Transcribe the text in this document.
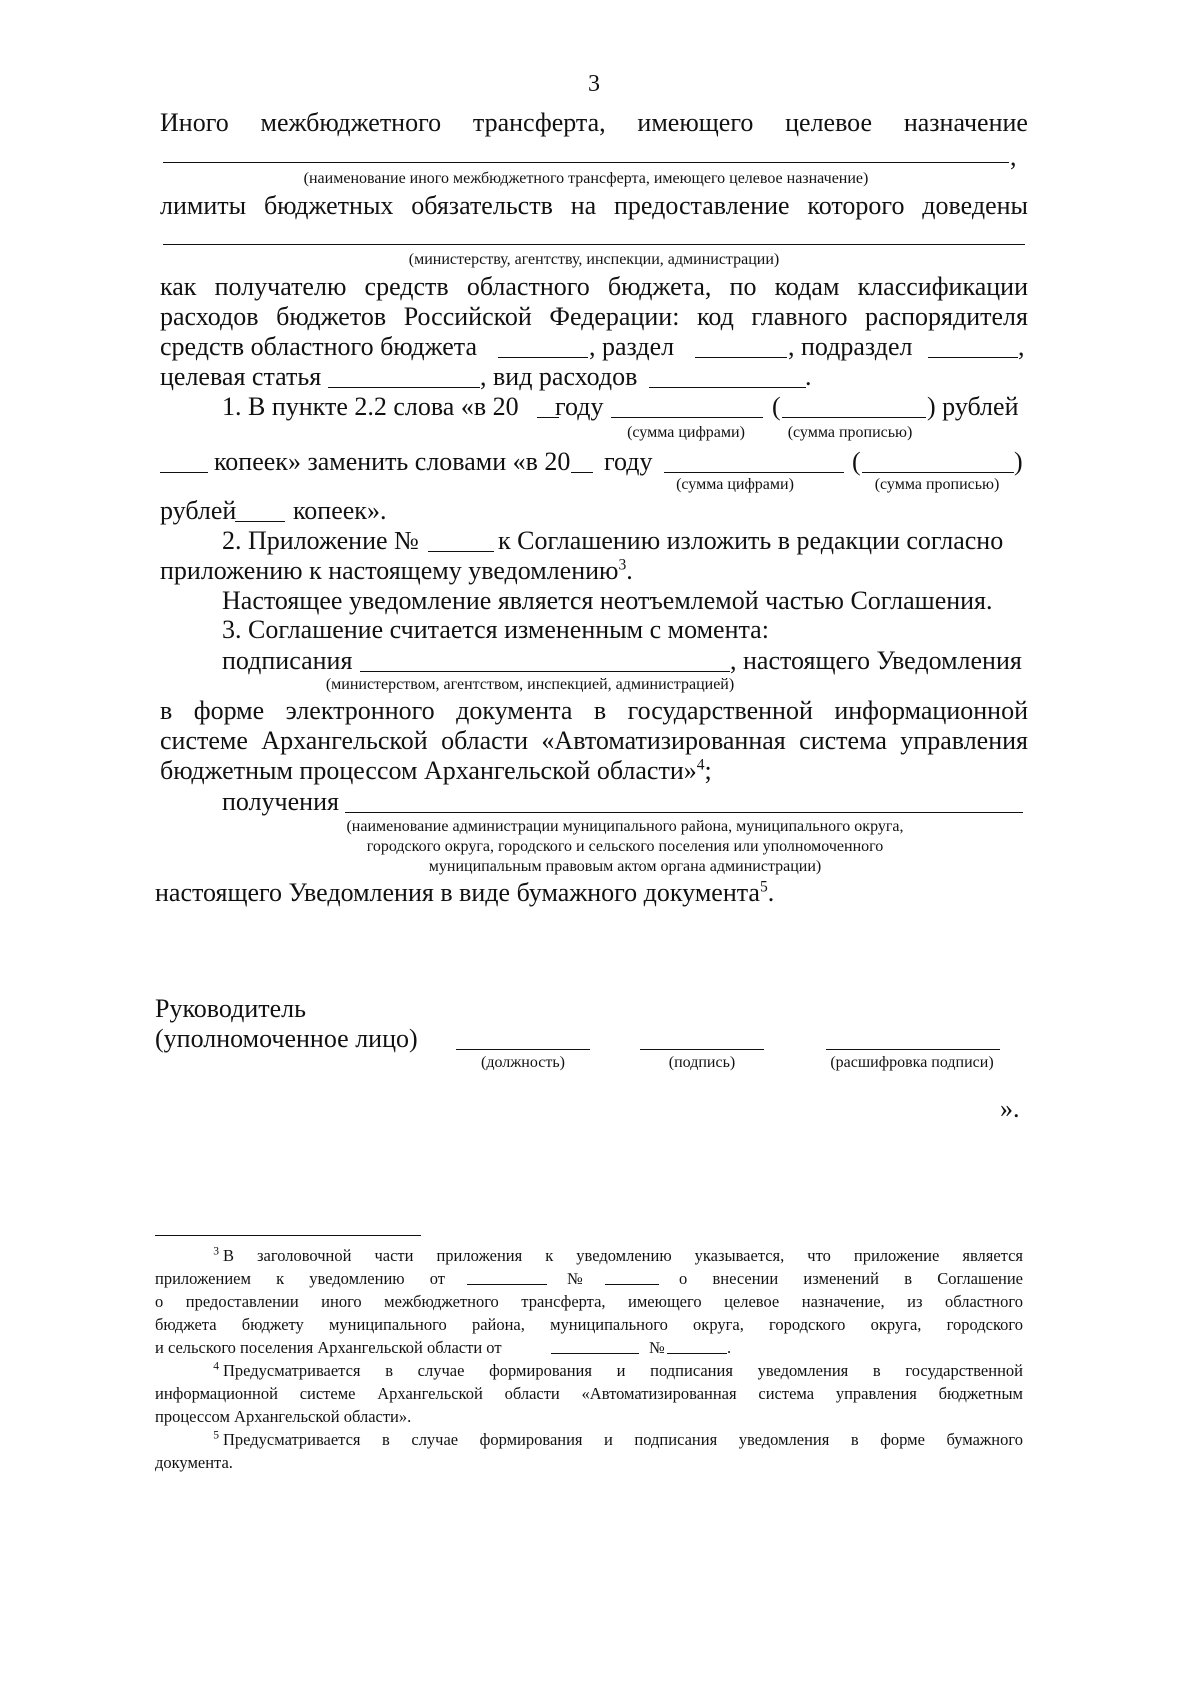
3
Иного межбюджетного трансферта, имеющего целевое назначение
,
(наименование иного межбюджетного трансферта, имеющего целевое назначение)
лимиты бюджетных обязательств на предоставление которого доведены
(министерству, агентству, инспекции, администрации)
как получателю средств областного бюджета, по кодам классификации
расходов бюджетов Российской Федерации: код главного распорядителя
средств областного бюджета	, раздел	, подраздел	,
целевая статья	, вид расходов	.
1. В пункте 2.2 слова «в 20 году	(	) рублей
(сумма цифрами)	(сумма прописью)
копеек» заменить словами «в 20 году	(	)
(сумма цифрами)	(сумма прописью)
рублей копеек».
2. Приложение №	к Соглашению изложить в редакции согласно
приложению к настоящему уведомлению$^3$.
Настоящее уведомление является неотъемлемой частью Соглашения.
3. Соглашение считается измененным с момента:
подписания	, настоящего Уведомления
(министерством, агентством, инспекцией, администрацией)
в форме электронного документа в государственной информационной
системе Архангельской области «Автоматизированная система управления
бюджетным процессом Архангельской области»$^4$;
получения
(наименование администрации муниципального района, муниципального округа,
городского округа, городского и сельского поселения или уполномоченного
муниципальным правовым актом органа администрации)
настоящего Уведомления в виде бумажного документа$^5$.
Руководитель
(уполномоченное лицо)
(должность)	(подпись)	(расшифровка подписи)
».
$^3$ В заголовочной части приложения к уведомлению указывается, что приложение является
приложением к уведомлению от	№	о внесении изменений в Соглашение
о предоставлении иного межбюджетного трансферта, имеющего целевое назначение, из областного
бюджета бюджету муниципального района, муниципального округа, городского округа, городского
и сельского поселения Архангельской области от	№	.
$^4$ Предусматривается в случае формирования и подписания уведомления в государственной
информационной системе Архангельской области «Автоматизированная система управления бюджетным
процессом Архангельской области».
$^5$ Предусматривается в случае формирования и подписания уведомления в форме бумажного
документа.
